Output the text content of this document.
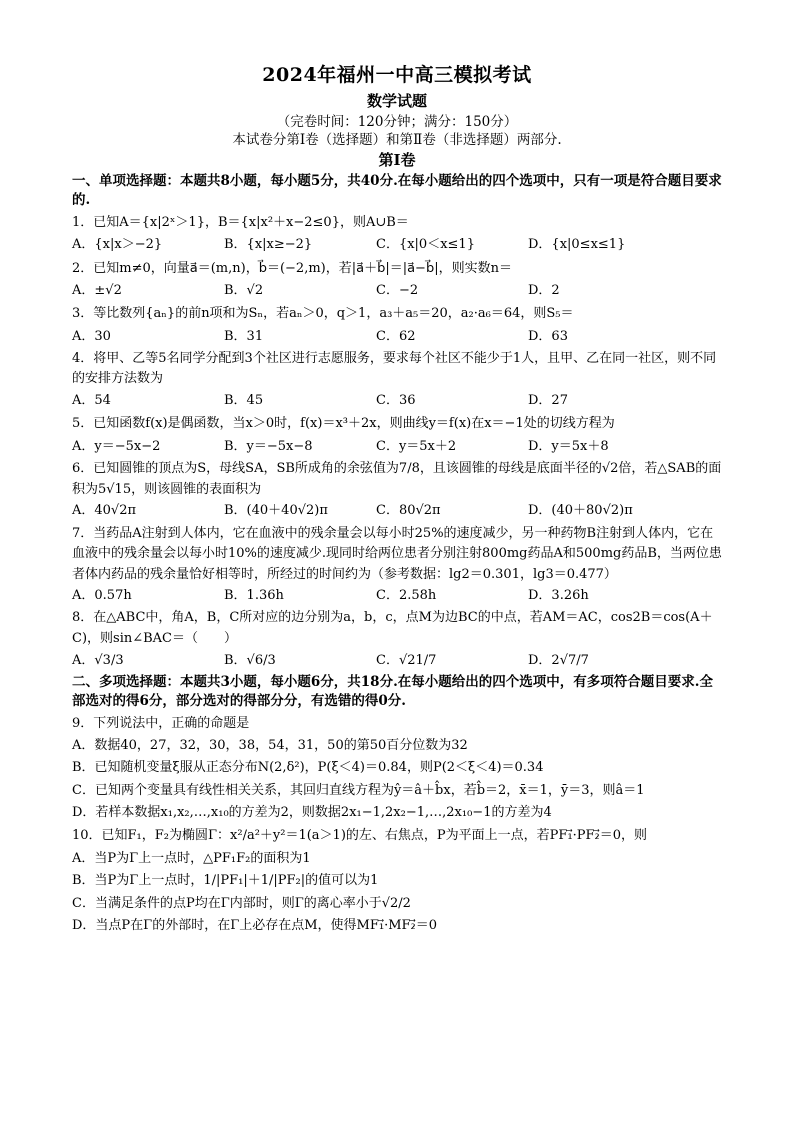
2024年福州一中高三模拟考试
数学试题
（完卷时间：120分钟；满分：150分）
本试卷分第Ⅰ卷（选择题）和第Ⅱ卷（非选择题）两部分.
第Ⅰ卷
一、单项选择题：本题共8小题，每小题5分，共40分.在每小题给出的四个选项中，只有一项是符合题目要求的.

1．已知A＝{x|2ˣ＞1}，B＝{x|x²＋x−2≤0}，则A∪B＝

A．{x|x＞−2}	B．{x|x≥−2}	C．{x|0＜x≤1}	D．{x|0≤x≤1}

2．已知m≠0，向量a⃗＝(m,n)，b⃗＝(−2,m)，若|a⃗＋b⃗|＝|a⃗−b⃗|，则实数n＝

A．±√2	B．√2	C．−2	D．2

3．等比数列{aₙ}的前n项和为Sₙ，若aₙ＞0，q＞1，a₃＋a₅＝20，a₂·a₆＝64，则S₅＝

A．30	B．31	C．62	D．63

4．将甲、乙等5名同学分配到3个社区进行志愿服务，要求每个社区不能少于1人，且甲、乙在同一社区，则不同的安排方法数为

A．54	B．45	C．36	D．27

5．已知函数f(x)是偶函数，当x＞0时，f(x)＝x³＋2x，则曲线y＝f(x)在x＝−1处的切线方程为

A．y＝−5x−2	B．y＝−5x−8	C．y＝5x＋2	D．y＝5x＋8

6．已知圆锥的顶点为S，母线SA，SB所成角的余弦值为7/8，且该圆锥的母线是底面半径的√2倍，若△SAB的面积为5√15，则该圆锥的表面积为

A．40√2π	B．(40＋40√2)π	C．80√2π	D．(40＋80√2)π

7．当药品A注射到人体内，它在血液中的残余量会以每小时25%的速度减少，另一种药物B注射到人体内，它在血液中的残余量会以每小时10%的速度减少.现同时给两位患者分别注射800mg药品A和500mg药品B，当两位患者体内药品的残余量恰好相等时，所经过的时间约为（参考数据：lg2＝0.301，lg3＝0.477）

A．0.57h	B．1.36h	C．2.58h	D．3.26h

8．在△ABC中，角A，B，C所对应的边分别为a，b，c，点M为边BC的中点，若AM＝AC，cos2B＝cos(A＋C)，则sin∠BAC＝（　　）

A．√3/3	B．√6/3	C．√21/7	D．2√7/7
二、多项选择题：本题共3小题，每小题6分，共18分.在每小题给出的四个选项中，有多项符合题目要求.全部选对的得6分，部分选对的得部分分，有选错的得0分.

9．下列说法中，正确的命题是

A．数据40，27，32，30，38，54，31，50的第50百分位数为32

B．已知随机变量ξ服从正态分布N(2,δ²)，P(ξ＜4)＝0.84，则P(2＜ξ＜4)＝0.34

C．已知两个变量具有线性相关关系，其回归直线方程为ŷ＝â＋b̂x，若b̂＝2，x̄＝1，ȳ＝3，则â＝1

D．若样本数据x₁,x₂,…,x₁₀的方差为2，则数据2x₁−1,2x₂−1,…,2x₁₀−1的方差为4

10．已知F₁，F₂为椭圆Γ：x²/a²＋y²＝1(a＞1)的左、右焦点，P为平面上一点，若PF₁⃗·PF₂⃗＝0，则

A．当P为Γ上一点时，△PF₁F₂的面积为1

B．当P为Γ上一点时，1/|PF₁|＋1/|PF₂|的值可以为1

C．当满足条件的点P均在Γ内部时，则Γ的离心率小于√2/2

D．当点P在Γ的外部时，在Γ上必存在点M，使得MF₁⃗·MF₂⃗＝0
